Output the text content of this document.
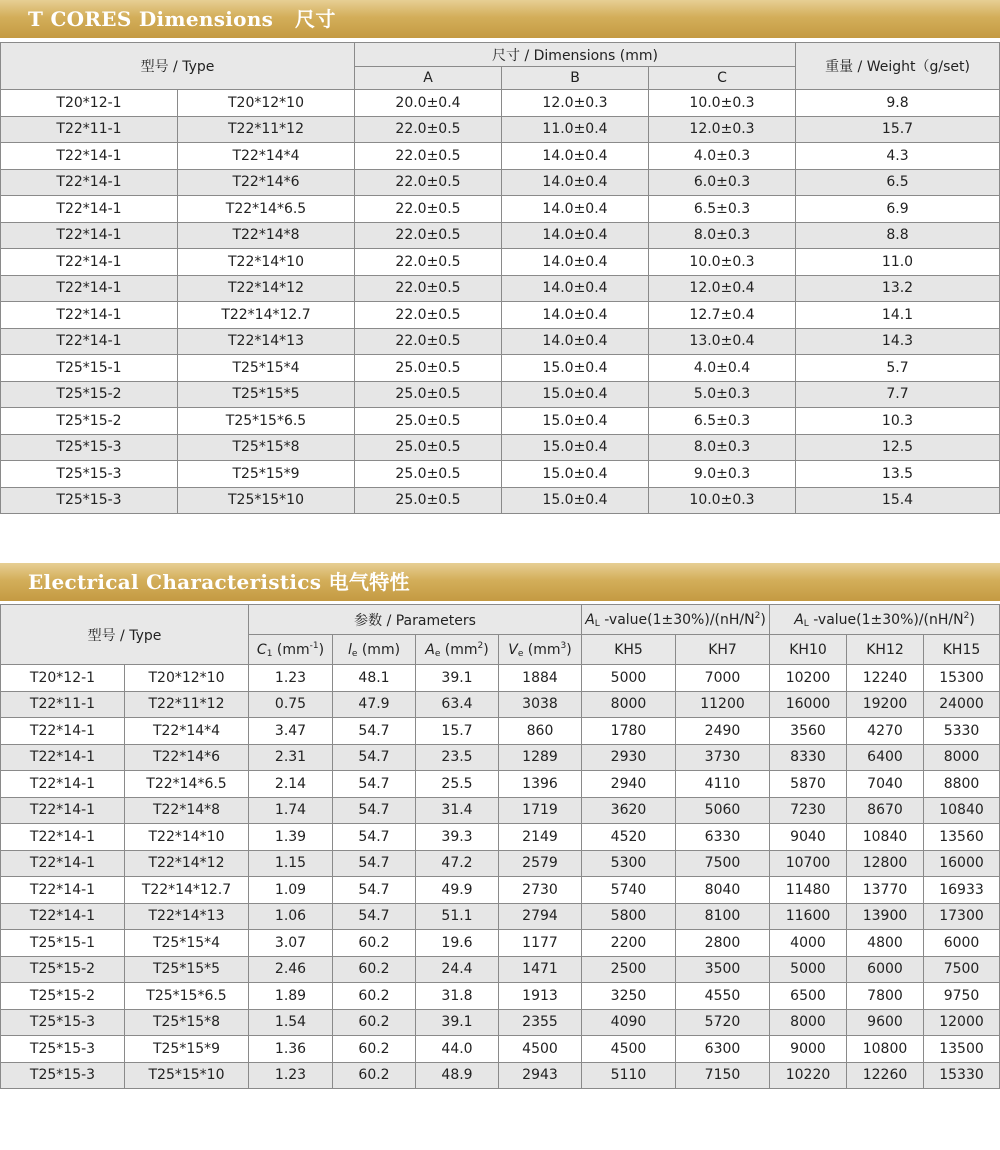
T CORES Dimensions   尺寸
型号 / Type		尺寸 / Dimensions (mm)			重量 / Weight（g/set)
		A	B	C	
T20*12-1	T20*12*10	20.0±0.4	12.0±0.3	10.0±0.3	9.8
T22*11-1	T22*11*12	22.0±0.5	11.0±0.4	12.0±0.3	15.7
T22*14-1	T22*14*4	22.0±0.5	14.0±0.4	4.0±0.3	4.3
T22*14-1	T22*14*6	22.0±0.5	14.0±0.4	6.0±0.3	6.5
T22*14-1	T22*14*6.5	22.0±0.5	14.0±0.4	6.5±0.3	6.9
T22*14-1	T22*14*8	22.0±0.5	14.0±0.4	8.0±0.3	8.8
T22*14-1	T22*14*10	22.0±0.5	14.0±0.4	10.0±0.3	11.0
T22*14-1	T22*14*12	22.0±0.5	14.0±0.4	12.0±0.4	13.2
T22*14-1	T22*14*12.7	22.0±0.5	14.0±0.4	12.7±0.4	14.1
T22*14-1	T22*14*13	22.0±0.5	14.0±0.4	13.0±0.4	14.3
T25*15-1	T25*15*4	25.0±0.5	15.0±0.4	4.0±0.4	5.7
T25*15-2	T25*15*5	25.0±0.5	15.0±0.4	5.0±0.3	7.7
T25*15-2	T25*15*6.5	25.0±0.5	15.0±0.4	6.5±0.3	10.3
T25*15-3	T25*15*8	25.0±0.5	15.0±0.4	8.0±0.3	12.5
T25*15-3	T25*15*9	25.0±0.5	15.0±0.4	9.0±0.3	13.5
T25*15-3	T25*15*10	25.0±0.5	15.0±0.4	10.0±0.3	15.4
Electrical Characteristics 电气特性
型号 / Type		参数 / Parameters				$A_L$ $-value(1\pm 30\%)/(nH/N^2)$		$A_L$ $-value(1\pm 30\%)/(nH/N^2)$		
		$C_1$ $(mm^{-1})$	$l_e$ (mm)	$A_e$ $(mm^2)$	$V_e$ $(mm^3)$	KH5	KH7	KH10	KH12	KH15
T20*12-1	T20*12*10	1.23	48.1	39.1	1884	5000	7000	10200	12240	15300
T22*11-1	T22*11*12	0.75	47.9	63.4	3038	8000	11200	16000	19200	24000
T22*14-1	T22*14*4	3.47	54.7	15.7	860	1780	2490	3560	4270	5330
T22*14-1	T22*14*6	2.31	54.7	23.5	1289	2930	3730	8330	6400	8000
T22*14-1	T22*14*6.5	2.14	54.7	25.5	1396	2940	4110	5870	7040	8800
T22*14-1	T22*14*8	1.74	54.7	31.4	1719	3620	5060	7230	8670	10840
T22*14-1	T22*14*10	1.39	54.7	39.3	2149	4520	6330	9040	10840	13560
T22*14-1	T22*14*12	1.15	54.7	47.2	2579	5300	7500	10700	12800	16000
T22*14-1	T22*14*12.7	1.09	54.7	49.9	2730	5740	8040	11480	13770	16933
T22*14-1	T22*14*13	1.06	54.7	51.1	2794	5800	8100	11600	13900	17300
T25*15-1	T25*15*4	3.07	60.2	19.6	1177	2200	2800	4000	4800	6000
T25*15-2	T25*15*5	2.46	60.2	24.4	1471	2500	3500	5000	6000	7500
T25*15-2	T25*15*6.5	1.89	60.2	31.8	1913	3250	4550	6500	7800	9750
T25*15-3	T25*15*8	1.54	60.2	39.1	2355	4090	5720	8000	9600	12000
T25*15-3	T25*15*9	1.36	60.2	44.0	4500	4500	6300	9000	10800	13500
T25*15-3	T25*15*10	1.23	60.2	48.9	2943	5110	7150	10220	12260	15330
